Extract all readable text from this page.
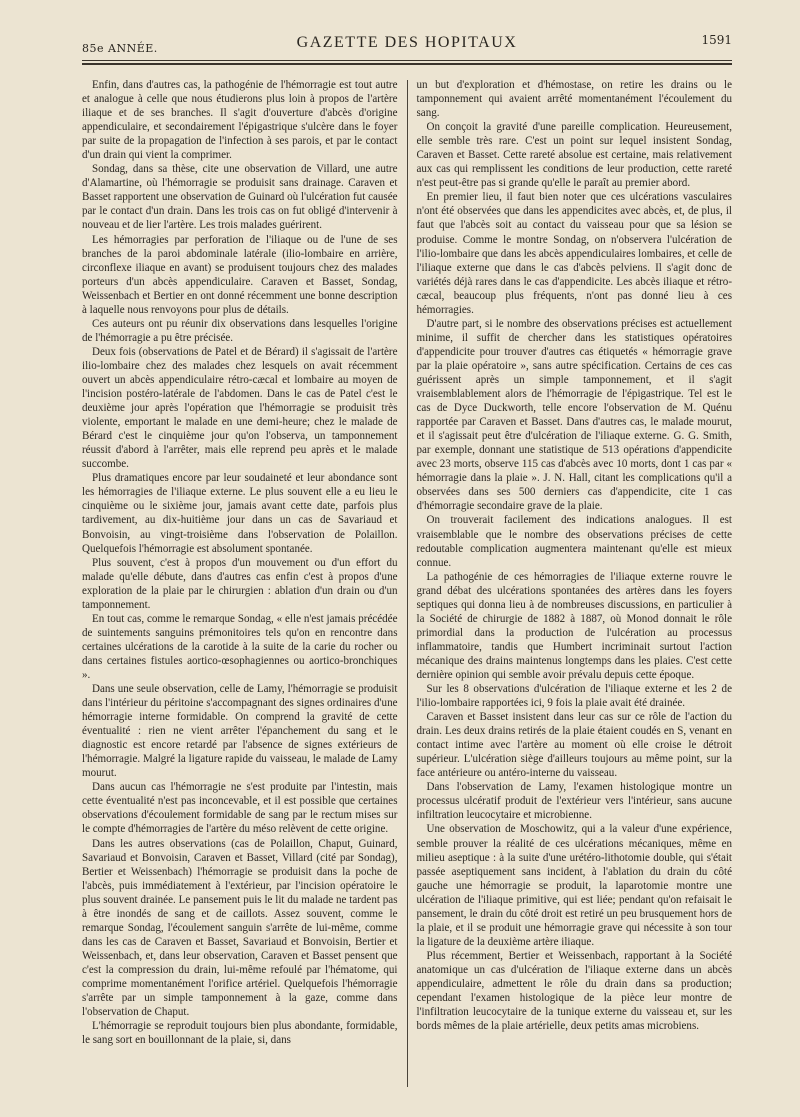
85e ANNÉE.	GAZETTE DES HOPITAUX	1591

Enfin, dans d'autres cas, la pathogénie de l'hémorragie est tout autre et analogue à celle que nous étudierons plus loin à propos de l'artère iliaque et de ses branches. Il s'agit d'ouverture d'abcès d'origine appendiculaire, et secondairement l'épigastrique s'ulcère dans le foyer par suite de la propagation de l'infection à ses parois, et par le contact d'un drain qui vient la comprimer.

Sondag, dans sa thèse, cite une observation de Villard, une autre d'Alamartine, où l'hémorragie se produisit sans drainage. Caraven et Basset rapportent une observation de Guinard où l'ulcération fut causée par le contact d'un drain. Dans les trois cas on fut obligé d'intervenir à nouveau et de lier l'artère. Les trois malades guérirent.

Les hémorragies par perforation de l'iliaque ou de l'une de ses branches de la paroi abdominale latérale (ilio-lombaire en arrière, circonflexe iliaque en avant) se produisent toujours chez des malades porteurs d'un abcès appendiculaire. Caraven et Basset, Sondag, Weissenbach et Bertier en ont donné récemment une bonne description à laquelle nous renvoyons pour plus de détails.

Ces auteurs ont pu réunir dix observations dans lesquelles l'origine de l'hémorragie a pu être précisée.

Deux fois (observations de Patel et de Bérard) il s'agissait de l'artère ilio-lombaire chez des malades chez lesquels on avait récemment ouvert un abcès appendiculaire rétro-cæcal et lombaire au moyen de l'incision postéro-latérale de l'abdomen. Dans le cas de Patel c'est le deuxième jour après l'opération que l'hémorragie se produisit très violente, emportant le malade en une demi-heure; chez le malade de Bérard c'est le cinquième jour qu'on l'observa, un tamponnement réussit d'abord à l'arrêter, mais elle reprend peu après et le malade succombe.

Plus dramatiques encore par leur soudaineté et leur abondance sont les hémorragies de l'iliaque externe. Le plus souvent elle a eu lieu le cinquième ou le sixième jour, jamais avant cette date, parfois plus tardivement, au dix-huitième jour dans un cas de Savariaud et Bonvoisin, au vingt-troisième dans l'observation de Polaillon. Quelquefois l'hémorragie est absolument spontanée.

Plus souvent, c'est à propos d'un mouvement ou d'un effort du malade qu'elle débute, dans d'autres cas enfin c'est à propos d'une exploration de la plaie par le chirurgien : ablation d'un drain ou d'un tamponnement.

En tout cas, comme le remarque Sondag, « elle n'est jamais précédée de suintements sanguins prémonitoires tels qu'on en rencontre dans certaines ulcérations de la carotide à la suite de la carie du rocher ou dans certaines fistules aortico-œsophagiennes ou aortico-bronchiques ».

Dans une seule observation, celle de Lamy, l'hémorragie se produisit dans l'intérieur du péritoine s'accompagnant des signes ordinaires d'une hémorragie interne formidable. On comprend la gravité de cette éventualité : rien ne vient arrêter l'épanchement du sang et le diagnostic est encore retardé par l'absence de signes extérieurs de l'hémorragie. Malgré la ligature rapide du vaisseau, le malade de Lamy mourut.

Dans aucun cas l'hémorragie ne s'est produite par l'intestin, mais cette éventualité n'est pas inconcevable, et il est possible que certaines observations d'écoulement formidable de sang par le rectum mises sur le compte d'hémorragies de l'artère du méso relèvent de cette origine.

Dans les autres observations (cas de Polaillon, Chaput, Guinard, Savariaud et Bonvoisin, Caraven et Basset, Villard (cité par Sondag), Bertier et Weissenbach) l'hémorragie se produisit dans la poche de l'abcès, puis immédiatement à l'extérieur, par l'incision opératoire le plus souvent drainée. Le pansement puis le lit du malade ne tardent pas à être inondés de sang et de caillots. Assez souvent, comme le remarque Sondag, l'écoulement sanguin s'arrête de lui-même, comme dans les cas de Caraven et Basset, Savariaud et Bonvoisin, Bertier et Weissenbach, et, dans leur observation, Caraven et Basset pensent que c'est la compression du drain, lui-même refoulé par l'hématome, qui comprime momentanément l'orifice artériel. Quelquefois l'hémorragie s'arrête par un simple tamponnement à la gaze, comme dans l'observation de Chaput.

L'hémorragie se reproduit toujours bien plus abondante, formidable, le sang sort en bouillonnant de la plaie, si, dans

un but d'exploration et d'hémostase, on retire les drains ou le tamponnement qui avaient arrêté momentanément l'écoulement du sang.

On conçoit la gravité d'une pareille complication. Heureusement, elle semble très rare. C'est un point sur lequel insistent Sondag, Caraven et Basset. Cette rareté absolue est certaine, mais relativement aux cas qui remplissent les conditions de leur production, cette rareté n'est peut-être pas si grande qu'elle le paraît au premier abord.

En premier lieu, il faut bien noter que ces ulcérations vasculaires n'ont été observées que dans les appendicites avec abcès, et, de plus, il faut que l'abcès soit au contact du vaisseau pour que sa lésion se produise. Comme le montre Sondag, on n'observera l'ulcération de l'ilio-lombaire que dans les abcès appendiculaires lombaires, et celle de l'iliaque externe que dans le cas d'abcès pelviens. Il s'agit donc de variétés déjà rares dans le cas d'appendicite. Les abcès iliaque et rétro-cæcal, beaucoup plus fréquents, n'ont pas donné lieu à ces hémorragies.

D'autre part, si le nombre des observations précises est actuellement minime, il suffit de chercher dans les statistiques opératoires d'appendicite pour trouver d'autres cas étiquetés « hémorragie grave par la plaie opératoire », sans autre spécification. Certains de ces cas guérissent après un simple tamponnement, et il s'agit vraisemblablement alors de l'hémorragie de l'épigastrique. Tel est le cas de Dyce Duckworth, telle encore l'observation de M. Quénu rapportée par Caraven et Basset. Dans d'autres cas, le malade mourut, et il s'agissait peut être d'ulcération de l'iliaque externe. G. G. Smith, par exemple, donnant une statistique de 513 opérations d'appendicite avec 23 morts, observe 115 cas d'abcès avec 10 morts, dont 1 cas par « hémorragie dans la plaie ». J. N. Hall, citant les complications qu'il a observées dans ses 500 derniers cas d'appendicite, cite 1 cas d'hémorragie secondaire grave de la plaie.

On trouverait facilement des indications analogues. Il est vraisemblable que le nombre des observations précises de cette redoutable complication augmentera maintenant qu'elle est mieux connue.

La pathogénie de ces hémorragies de l'iliaque externe rouvre le grand débat des ulcérations spontanées des artères dans les foyers septiques qui donna lieu à de nombreuses discussions, en particulier à la Société de chirurgie de 1882 à 1887, où Monod donnait le rôle primordial dans la production de l'ulcération au processus inflammatoire, tandis que Humbert incriminait surtout l'action mécanique des drains maintenus longtemps dans les plaies. C'est cette dernière opinion qui semble avoir prévalu depuis cette époque.

Sur les 8 observations d'ulcération de l'iliaque externe et les 2 de l'ilio-lombaire rapportées ici, 9 fois la plaie avait été drainée.

Caraven et Basset insistent dans leur cas sur ce rôle de l'action du drain. Les deux drains retirés de la plaie étaient coudés en S, venant en contact intime avec l'artère au moment où elle croise le détroit supérieur. L'ulcération siège d'ailleurs toujours au même point, sur la face antérieure ou antéro-interne du vaisseau.

Dans l'observation de Lamy, l'examen histologique montre un processus ulcératif produit de l'extérieur vers l'intérieur, sans aucune infiltration leucocytaire et microbienne.

Une observation de Moschowitz, qui a la valeur d'une expérience, semble prouver la réalité de ces ulcérations mécaniques, même en milieu aseptique : à la suite d'une urétéro-lithotomie double, qui s'était passée aseptiquement sans incident, à l'ablation du drain du côté gauche une hémorragie se produit, la laparotomie montre une ulcération de l'iliaque primitive, qui est liée; pendant qu'on refaisait le pansement, le drain du côté droit est retiré un peu brusquement hors de la plaie, et il se produit une hémorragie grave qui nécessite à son tour la ligature de la deuxième artère iliaque.

Plus récemment, Bertier et Weissenbach, rapportant à la Société anatomique un cas d'ulcération de l'iliaque externe dans un abcès appendiculaire, admettent le rôle du drain dans sa production; cependant l'examen histologique de la pièce leur montre de l'infiltration leucocytaire de la tunique externe du vaisseau et, sur les bords mêmes de la plaie artérielle, deux petits amas microbiens.
